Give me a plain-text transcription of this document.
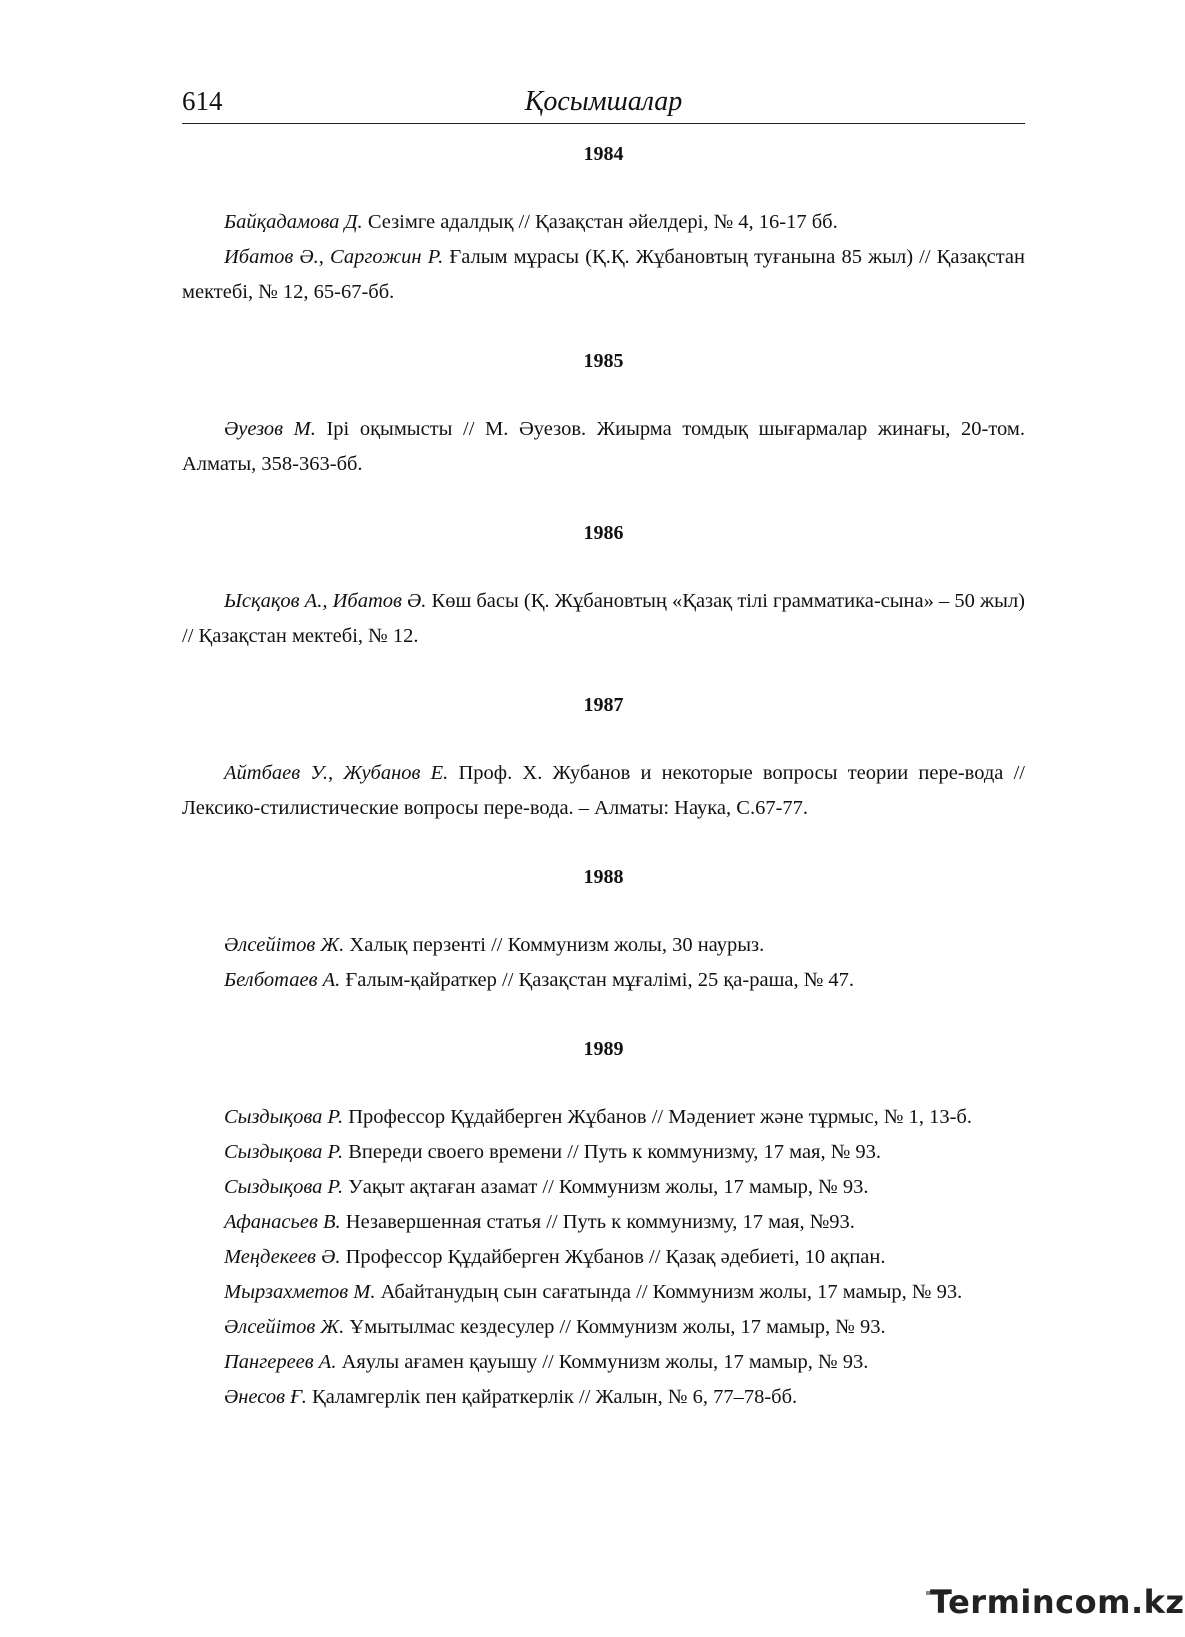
614	Қосымшалар
1984

Байқадамова Д. Сезімге адалдық // Қазақстан әйелдері, № 4, 16-17 бб.

Ибатов Ә., Саргожин Р. Ғалым мұрасы (Қ.Қ. Жұбановтың туғанына 85 жыл) // Қазақстан мектебі, № 12, 65-67-бб.

1985

Әуезов М. Ірі оқымысты // М. Әуезов. Жиырма томдық шығармалар жинағы, 20-том. Алматы, 358-363-бб.

1986

Ысқақов А., Ибатов Ә. Көш басы (Қ. Жұбановтың «Қазақ тілі грамматика-сына» – 50 жыл) // Қазақстан мектебі, № 12.

1987

Айтбаев У., Жубанов Е. Проф. Х. Жубанов и некоторые вопросы теории пере-вода // Лексико-стилистические вопросы пере-вода. – Алматы: Наука, С.67-77.

1988

Әлсейітов Ж. Халық перзенті // Коммунизм жолы, 30 наурыз.

Белботаев А. Ғалым-қайраткер // Қазақстан мұғалімі, 25 қа-раша, № 47.

1989

Сыздықова Р. Профессор Құдайберген Жұбанов // Мәдениет және тұрмыс, № 1, 13-б.

Сыздықова Р. Впереди своего времени // Путь к коммунизму, 17 мая, № 93.

Сыздықова Р. Уақыт ақтаған азамат // Коммунизм жолы, 17 мамыр, № 93.

Афанасьев В. Незавершенная статья // Путь к коммунизму, 17 мая, №93.

Меңдекеев Ә. Профессор Құдайберген Жұбанов // Қазақ әдебиеті, 10 ақпан.

Мырзахметов М. Абайтанудың сын сағатында // Коммунизм жолы, 17 мамыр, № 93.

Әлсейітов Ж. Ұмытылмас кездесулер // Коммунизм жолы, 17 мамыр, № 93.

Пангереев А. Аяулы ағамен қауышу // Коммунизм жолы, 17 мамыр, № 93.

Әнесов Ғ. Қаламгерлік пен қайраткерлік // Жалын, № 6, 77–78-бб.

Termincom.kz
